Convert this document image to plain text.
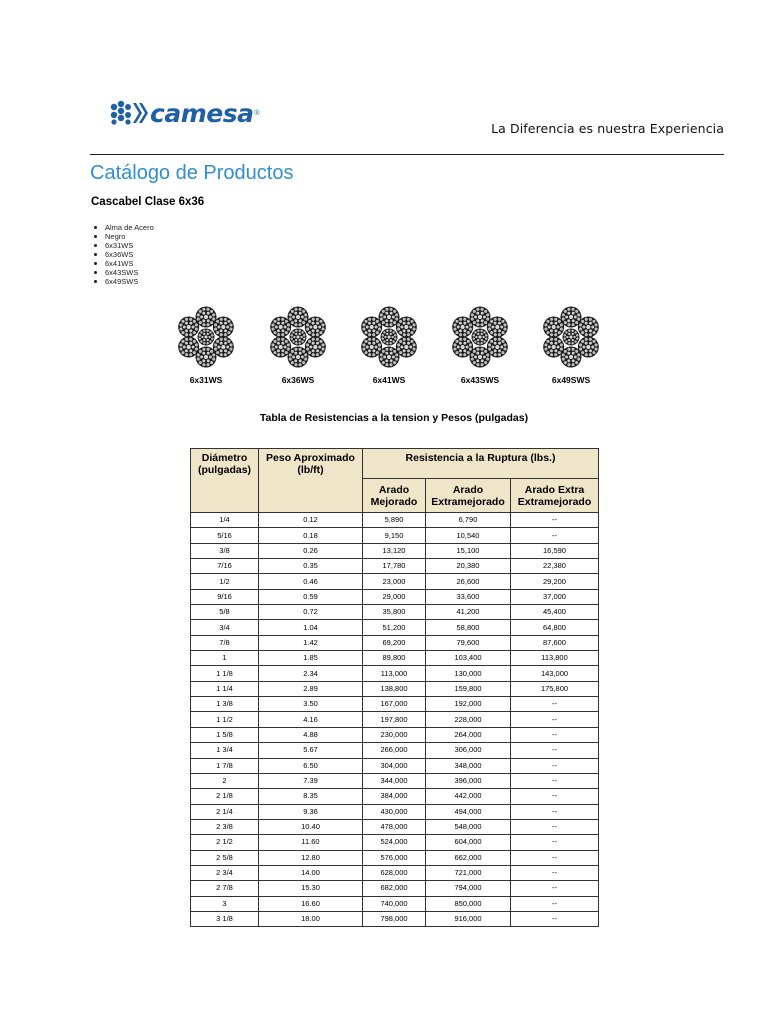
camesa ®
La Diferencia es nuestra Experiencia
Catálogo de Productos
Cascabel Clase 6x36
Alma de Acero
Negro
6x31WS
6x36WS
6x41WS
6x43SWS
6x49SWS
6x31WS	6x36WS	6x41WS	6x43SWS	6x49SWS
Tabla de Resistencias a la tension y Pesos (pulgadas)
Diámetro (pulgadas)	Peso Aproximado (lb/ft)	Resistencia a la Ruptura (lbs.)		
		Arado Mejorado	Arado Extramejorado	Arado Extra Extramejorado
1/4	0.12	5,890	6,790	--
5/16	0.18	9,150	10,540	--
3/8	0.26	13,120	15,100	16,590
7/16	0.35	17,780	20,380	22,380
1/2	0.46	23,000	26,600	29,200
9/16	0.59	29,000	33,600	37,000
5/8	0.72	35,800	41,200	45,400
3/4	1.04	51,200	58,800	64,800
7/8	1.42	69,200	79,600	87,600
1	1.85	89,800	103,400	113,800
1 1/8	2.34	113,000	130,000	143,000
1 1/4	2.89	138,800	159,800	175,800
1 3/8	3.50	167,000	192,000	--
1 1/2	4.16	197,800	228,000	--
1 5/8	4.88	230,000	264,000	--
1 3/4	5.67	266,000	306,000	--
1 7/8	6.50	304,000	348,000	--
2	7.39	344,000	396,000	--
2 1/8	8.35	384,000	442,000	--
2 1/4	9.36	430,000	494,000	--
2 3/8	10.40	478,000	548,000	--
2 1/2	11.60	524,000	604,000	--
2 5/8	12.80	576,000	662,000	--
2 3/4	14.00	628,000	721,000	--
2 7/8	15.30	682,000	794,000	--
3	16.60	740,000	850,000	--
3 1/8	18.00	798,000	916,000	--
